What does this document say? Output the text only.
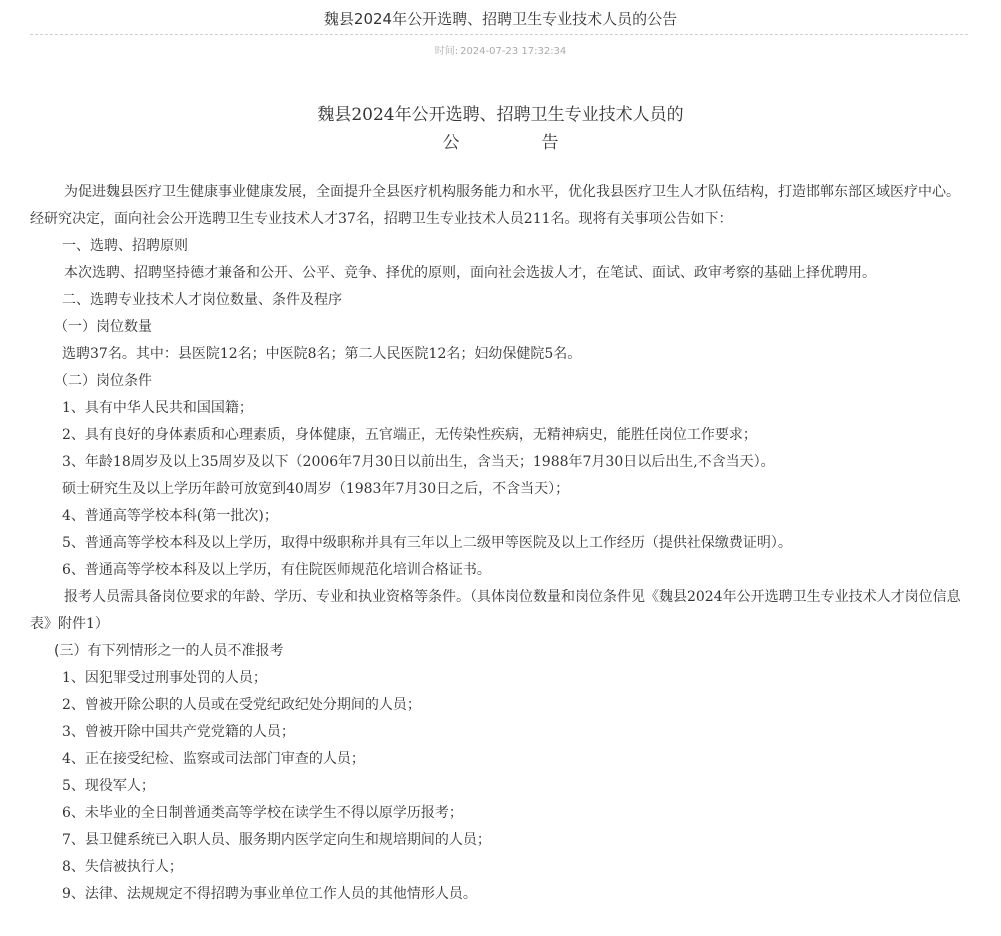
魏县2024年公开选聘、招聘卫生专业技术人员的公告
时间: 2024-07-23 17:32:34
魏县2024年公开选聘、招聘卫生专业技术人员的
公	告

为促进魏县医疗卫生健康事业健康发展，全面提升全县医疗机构服务能力和水平，优化我县医疗卫生人才队伍结构，打造邯郸东部区域医疗中心。经研究决定，面向社会公开选聘卫生专业技术人才37名，招聘卫生专业技术人员211名。现将有关事项公告如下：

一、选聘、招聘原则

本次选聘、招聘坚持德才兼备和公开、公平、竞争、择优的原则，面向社会选拔人才，在笔试、面试、政审考察的基础上择优聘用。

二、选聘专业技术人才岗位数量、条件及程序

（一）岗位数量

选聘37名。其中：县医院12名；中医院8名；第二人民医院12名；妇幼保健院5名。

（二）岗位条件

1、具有中华人民共和国国籍；

2、具有良好的身体素质和心理素质，身体健康，五官端正，无传染性疾病，无精神病史，能胜任岗位工作要求；

3、年龄18周岁及以上35周岁及以下（2006年7月30日以前出生，含当天；1988年7月30日以后出生,不含当天）。

硕士研究生及以上学历年龄可放宽到40周岁（1983年7月30日之后，不含当天）；

4、普通高等学校本科(第一批次)；

5、普通高等学校本科及以上学历，取得中级职称并具有三年以上二级甲等医院及以上工作经历（提供社保缴费证明）。

6、普通高等学校本科及以上学历，有住院医师规范化培训合格证书。

报考人员需具备岗位要求的年龄、学历、专业和执业资格等条件。（具体岗位数量和岗位条件见《魏县2024年公开选聘卫生专业技术人才岗位信息表》附件1）

(三）有下列情形之一的人员不准报考

1、因犯罪受过刑事处罚的人员；

2、曾被开除公职的人员或在受党纪政纪处分期间的人员；

3、曾被开除中国共产党党籍的人员；

4、正在接受纪检、监察或司法部门审查的人员；

5、现役军人；

6、未毕业的全日制普通类高等学校在读学生不得以原学历报考；

7、县卫健系统已入职人员、服务期内医学定向生和规培期间的人员；

8、失信被执行人；

9、法律、法规规定不得招聘为事业单位工作人员的其他情形人员。
